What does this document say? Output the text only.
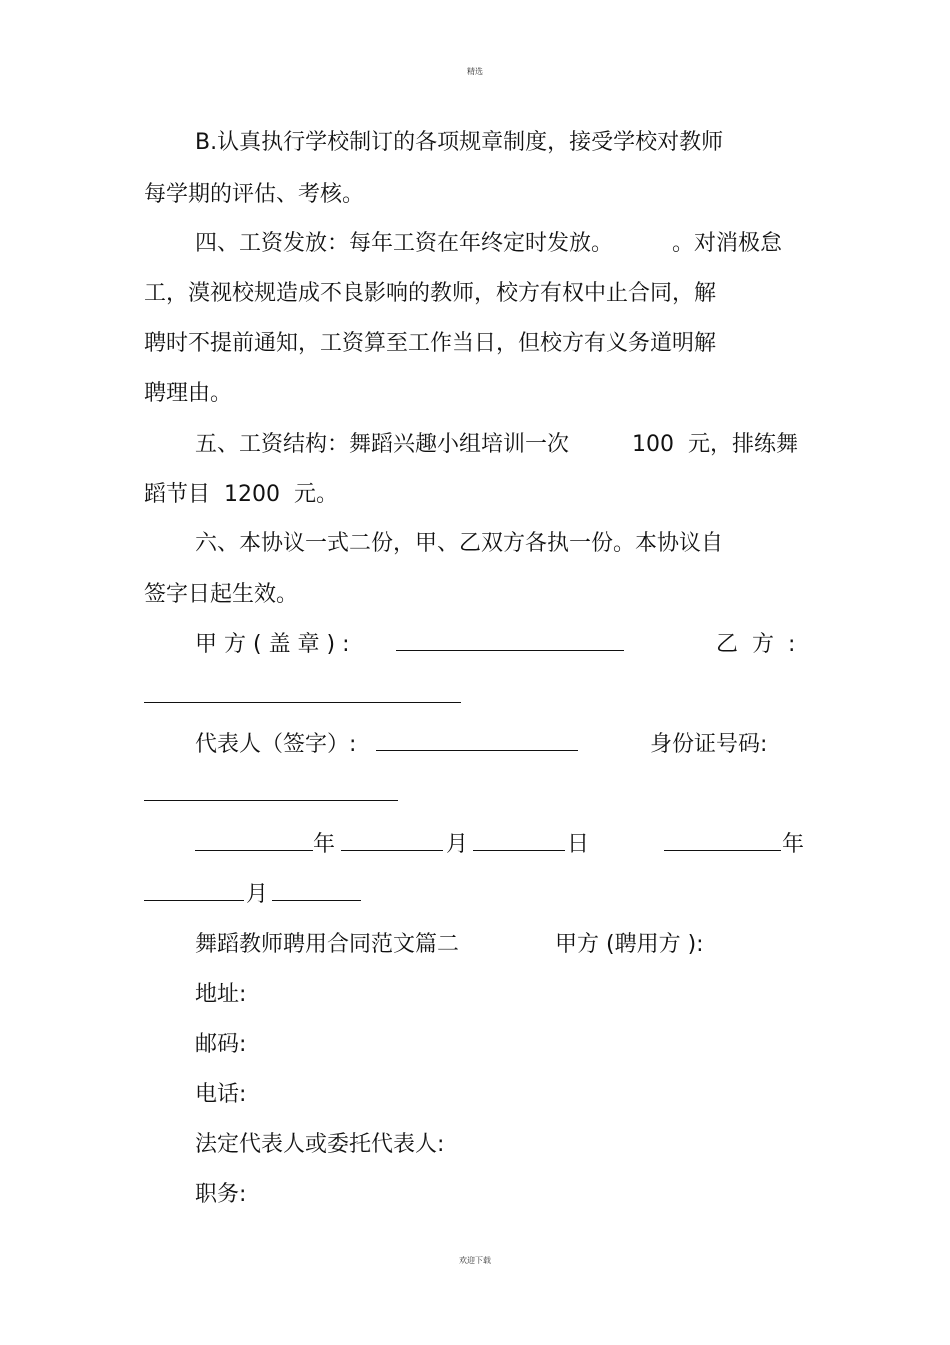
精选
B.认真执行学校制订的各项规章制度，接受学校对教师
每学期的评估、考核。
四、工资发放：每年工资在年终定时发放。	。对消极怠
工，漠视校规造成不良影响的教师，校方有权中止合同，解
聘时不提前通知，工资算至工作当日，但校方有义务道明解
聘理由。
五、工资结构：舞蹈兴趣小组培训一次	100  元，排练舞
蹈节目  1200  元。
六、本协议一式二份，甲、乙双方各执一份。本协议自
签字日起生效。
甲 方 ( 盖 章 ) :	乙  方  :
代表人（签字）:	身份证号码:
年	月	日	年
月
舞蹈教师聘用合同范文篇二	甲方 (聘用方 ):
地址:
邮码:
电话:
法定代表人或委托代表人:
职务:
欢迎下载
